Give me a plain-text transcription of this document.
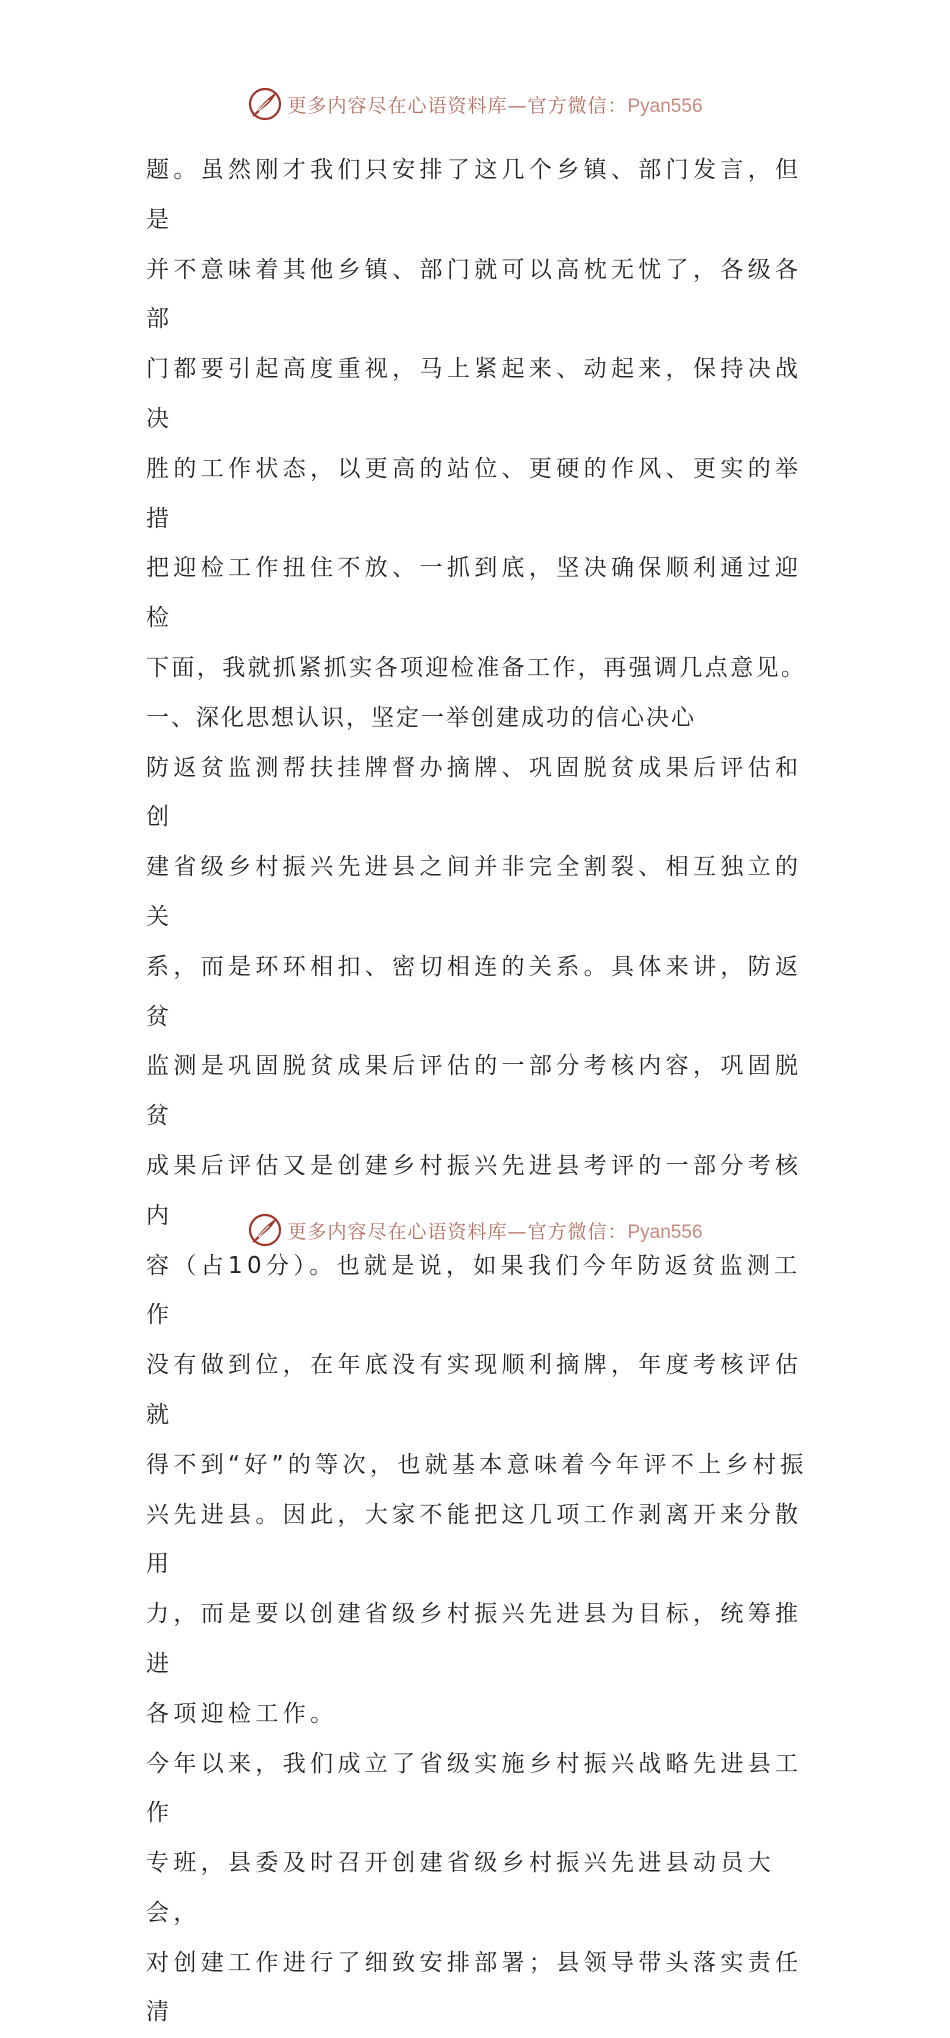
更多内容尽在心语资料库—官方微信：Pyan556

题。虽然刚才我们只安排了这几个乡镇、部门发言，但是

并不意味着其他乡镇、部门就可以高枕无忧了，各级各部

门都要引起高度重视，马上紧起来、动起来，保持决战决

胜的工作状态，以更高的站位、更硬的作风、更实的举措

把迎检工作扭住不放、一抓到底，坚决确保顺利通过迎检

下面，我就抓紧抓实各项迎检准备工作，再强调几点意见。

一、深化思想认识，坚定一举创建成功的信心决心

防返贫监测帮扶挂牌督办摘牌、巩固脱贫成果后评估和创

建省级乡村振兴先进县之间并非完全割裂、相互独立的关

系，而是环环相扣、密切相连的关系。具体来讲，防返贫

监测是巩固脱贫成果后评估的一部分考核内容，巩固脱贫

成果后评估又是创建乡村振兴先进县考评的一部分考核内

容（占10分）。也就是说，如果我们今年防返贫监测工作

没有做到位，在年底没有实现顺利摘牌，年度考核评估就

得不到“好”的等次，也就基本意味着今年评不上乡村振

兴先进县。因此，大家不能把这几项工作剥离开来分散用

力，而是要以创建省级乡村振兴先进县为目标，统筹推进

各项迎检工作。

今年以来，我们成立了省级实施乡村振兴战略先进县工作

专班，县委及时召开创建省级乡村振兴先进县动员大会，

对创建工作进行了细致安排部署；县领导带头落实责任清

更多内容尽在心语资料库—官方微信：Pyan556
